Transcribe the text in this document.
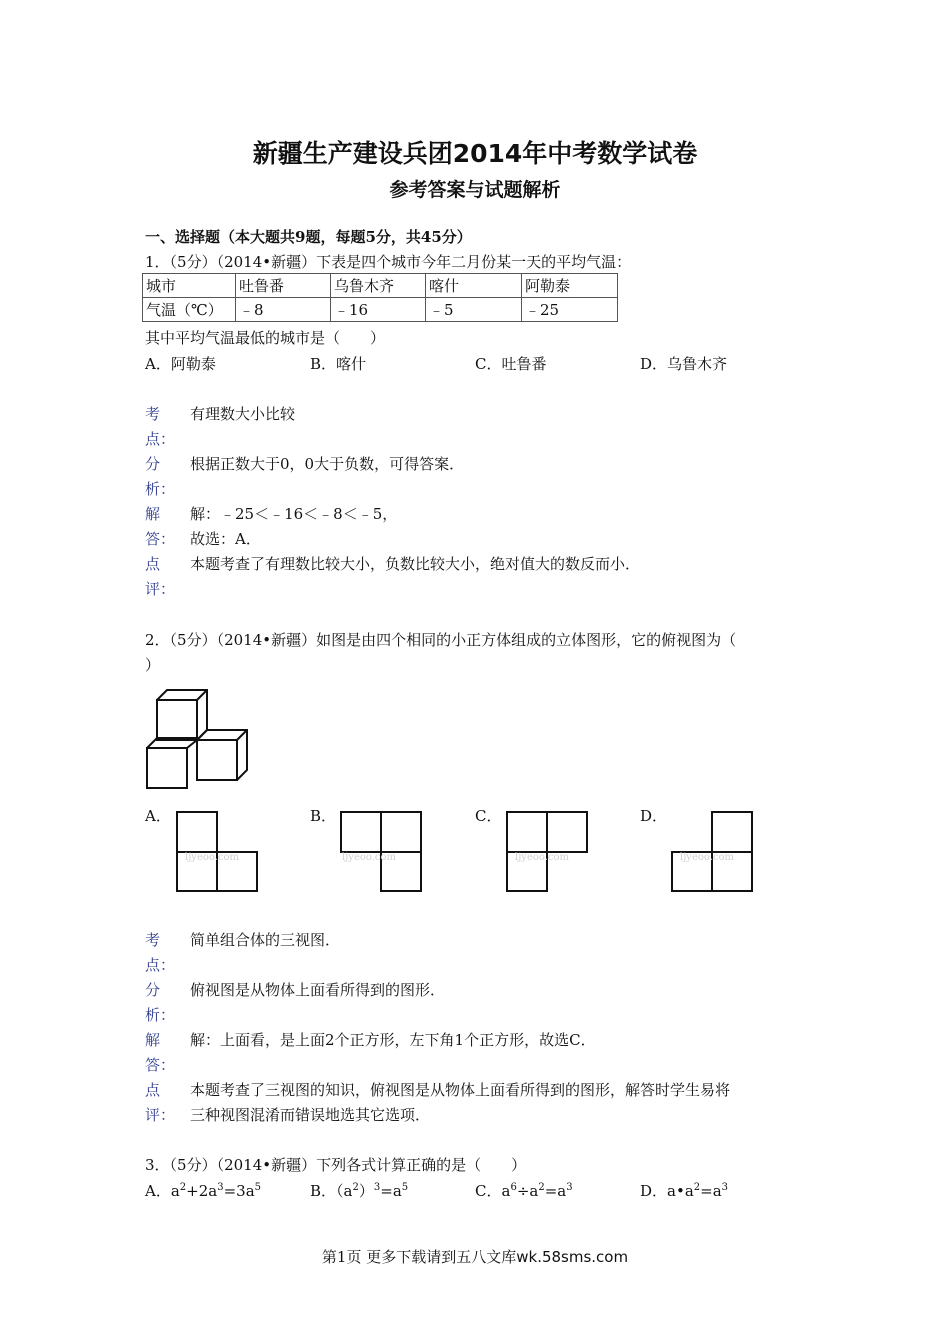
新疆生产建设兵团2014年中考数学试卷
参考答案与试题解析
一、选择题（本大题共9题，每题5分，共45分）
1．（5分）（2014•新疆）下表是四个城市今年二月份某一天的平均气温：
城市	吐鲁番	乌鲁木齐	喀什	阿勒泰
气温（℃）	﹣8	﹣16	﹣5	﹣25
其中平均气温最低的城市是（　　）
A．阿勒泰	B．喀什	C．吐鲁番	D．乌鲁木齐
考
点：
有理数大小比较
分
析：
根据正数大于0，0大于负数，可得答案．
解
答：
解：﹣25＜﹣16＜﹣8＜﹣5，
故选：A．
点
评：
本题考查了有理数比较大小，负数比较大小，绝对值大的数反而小．
2．（5分）（2014•新疆）如图是由四个相同的小正方体组成的立体图形，它的俯视图为（
）
A．
ljyeoo.com
B．
ljyeoo.com
C．
ljyeoo.com
D．
ljyeoo.com
考
点：
简单组合体的三视图．
分
析：
俯视图是从物体上面看所得到的图形．
解
答：
解：上面看，是上面2个正方形，左下角1个正方形，故选C．
点
评：
本题考查了三视图的知识，俯视图是从物体上面看所得到的图形，解答时学生易将
三种视图混淆而错误地选其它选项．
3．（5分）（2014•新疆）下列各式计算正确的是（　　）
A．$a^2+2a^3=3a^5$	B．$(a^2)^3=a^5$	C．$a^6\div a^2=a^3$	D．$a•a^2=a^3$
第1页 更多下载请到五八文库wk.58sms.com
